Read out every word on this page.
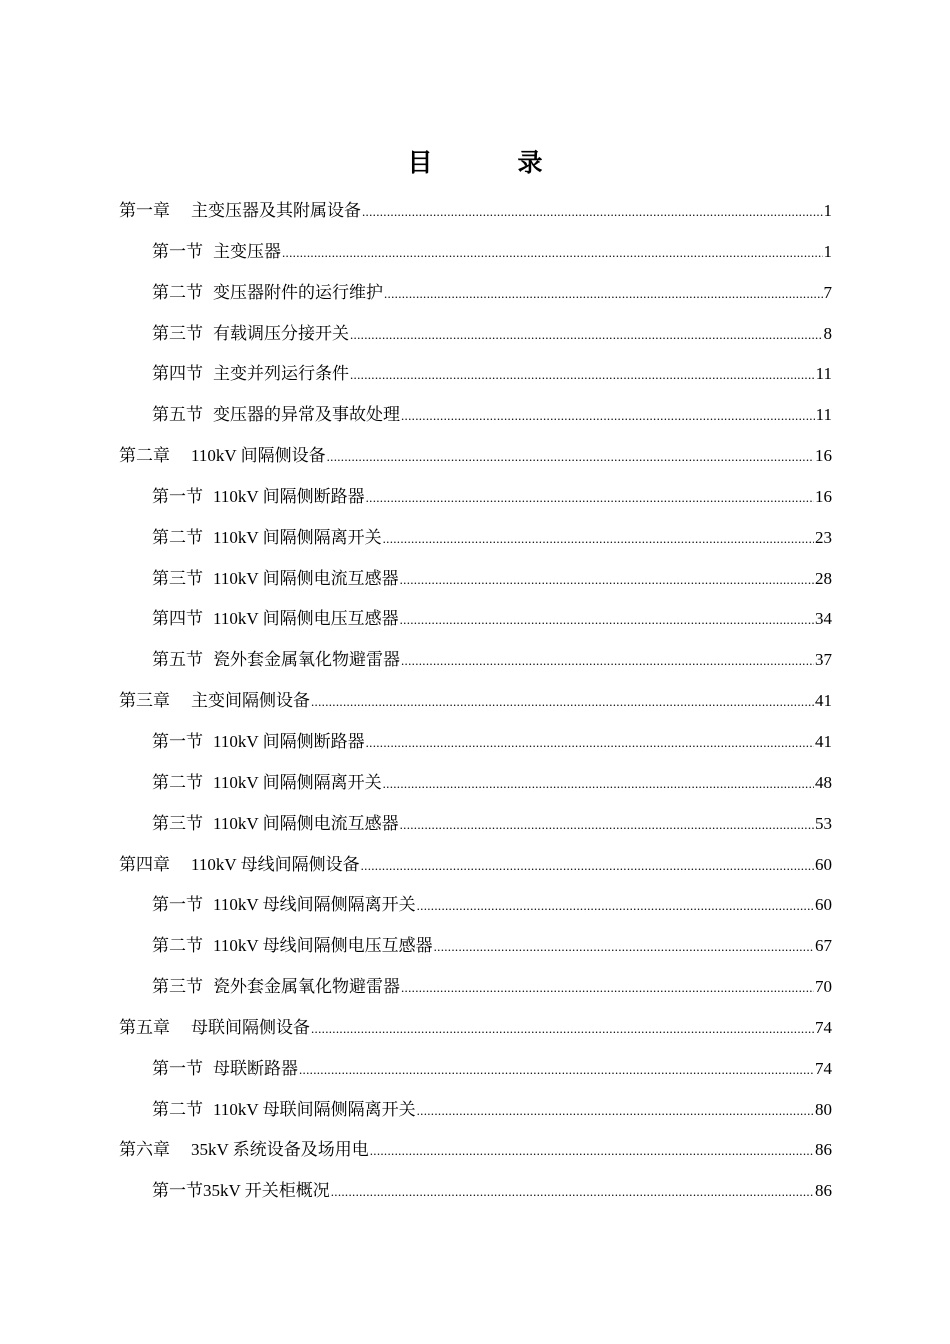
目　录
第一章 主变压器及其附属设备 .....	1
第一节 主变压器 .....	1
第二节 变压器附件的运行维护 .....	7
第三节 有载调压分接开关 .....	8
第四节 主变并列运行条件 .....	11
第五节 变压器的异常及事故处理 .....	11
第二章 110kV 间隔侧设备 .....	16
第一节 110kV 间隔侧断路器 .....	16
第二节 110kV 间隔侧隔离开关 .....	23
第三节 110kV 间隔侧电流互感器 .....	28
第四节 110kV 间隔侧电压互感器 .....	34
第五节 瓷外套金属氧化物避雷器 .....	37
第三章 主变间隔侧设备 .....	41
第一节 110kV 间隔侧断路器 .....	41
第二节 110kV 间隔侧隔离开关 .....	48
第三节 110kV 间隔侧电流互感器 .....	53
第四章 110kV 母线间隔侧设备 .....	60
第一节 110kV 母线间隔侧隔离开关 .....	60
第二节 110kV 母线间隔侧电压互感器 .....	67
第三节 瓷外套金属氧化物避雷器 .....	70
第五章 母联间隔侧设备 .....	74
第一节 母联断路器 .....	74
第二节 110kV 母联间隔侧隔离开关 .....	80
第六章 35kV 系统设备及场用电 .....	86
第一节35kV 开关柜概况 .....	86
